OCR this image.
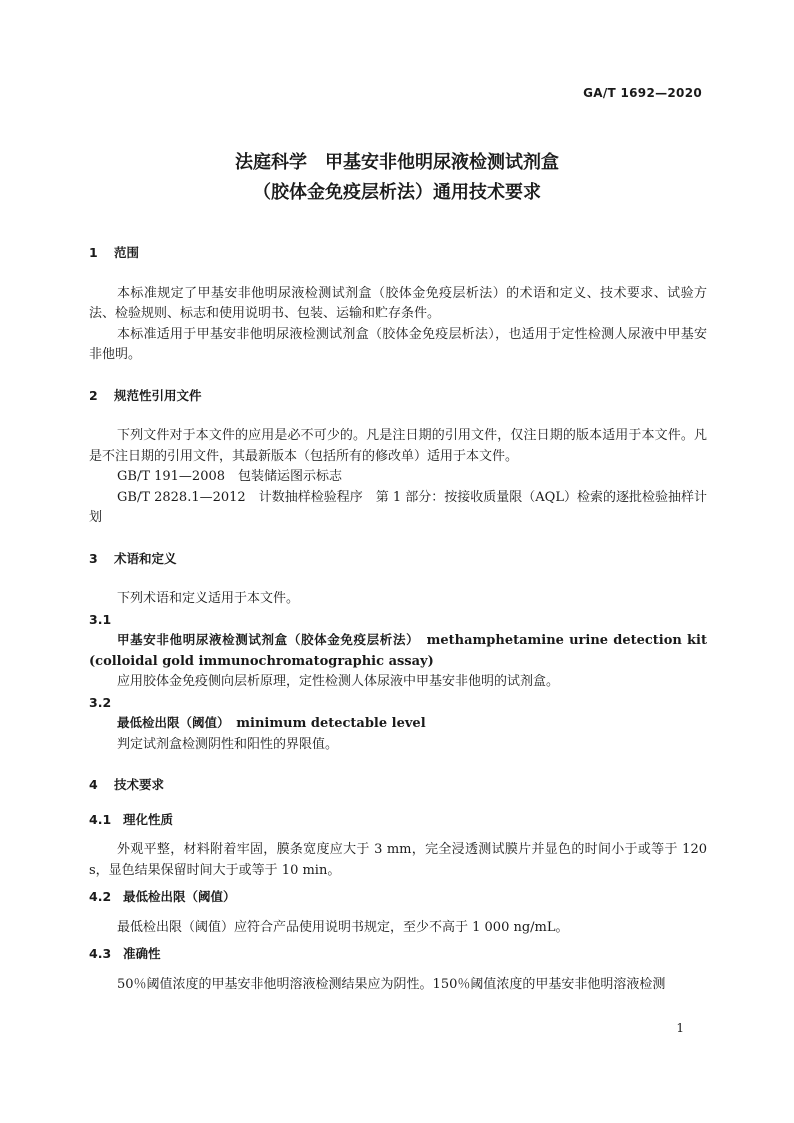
GA/T 1692—2020
法庭科学　甲基安非他明尿液检测试剂盒
（胶体金免疫层析法）通用技术要求
1 范围
本标准规定了甲基安非他明尿液检测试剂盒（胶体金免疫层析法）的术语和定义、技术要求、试验方法、检验规则、标志和使用说明书、包装、运输和贮存条件。
本标准适用于甲基安非他明尿液检测试剂盒（胶体金免疫层析法），也适用于定性检测人尿液中甲基安非他明。
2 规范性引用文件
下列文件对于本文件的应用是必不可少的。凡是注日期的引用文件，仅注日期的版本适用于本文件。凡是不注日期的引用文件，其最新版本（包括所有的修改单）适用于本文件。
GB/T 191—2008　包装储运图示标志
GB/T 2828.1—2012　计数抽样检验程序　第 1 部分：按接收质量限（AQL）检索的逐批检验抽样计划
3 术语和定义
下列术语和定义适用于本文件。
3.1
甲基安非他明尿液检测试剂盒（胶体金免疫层析法）　 methamphetamine urine detection kit (colloidal gold immunochromatographic assay)
应用胶体金免疫侧向层析原理，定性检测人体尿液中甲基安非他明的试剂盒。
3.2
最低检出限（阈值）　 minimum detectable level
判定试剂盒检测阴性和阳性的界限值。
4 技术要求
4.1 理化性质
外观平整，材料附着牢固，膜条宽度应大于 3 mm，完全浸透测试膜片并显色的时间小于或等于 120 s，显色结果保留时间大于或等于 10 min。
4.2 最低检出限（阈值）
最低检出限（阈值）应符合产品使用说明书规定，至少不高于 1 000 ng/mL。
4.3 准确性
50％阈值浓度的甲基安非他明溶液检测结果应为阴性。150％阈值浓度的甲基安非他明溶液检测
1
